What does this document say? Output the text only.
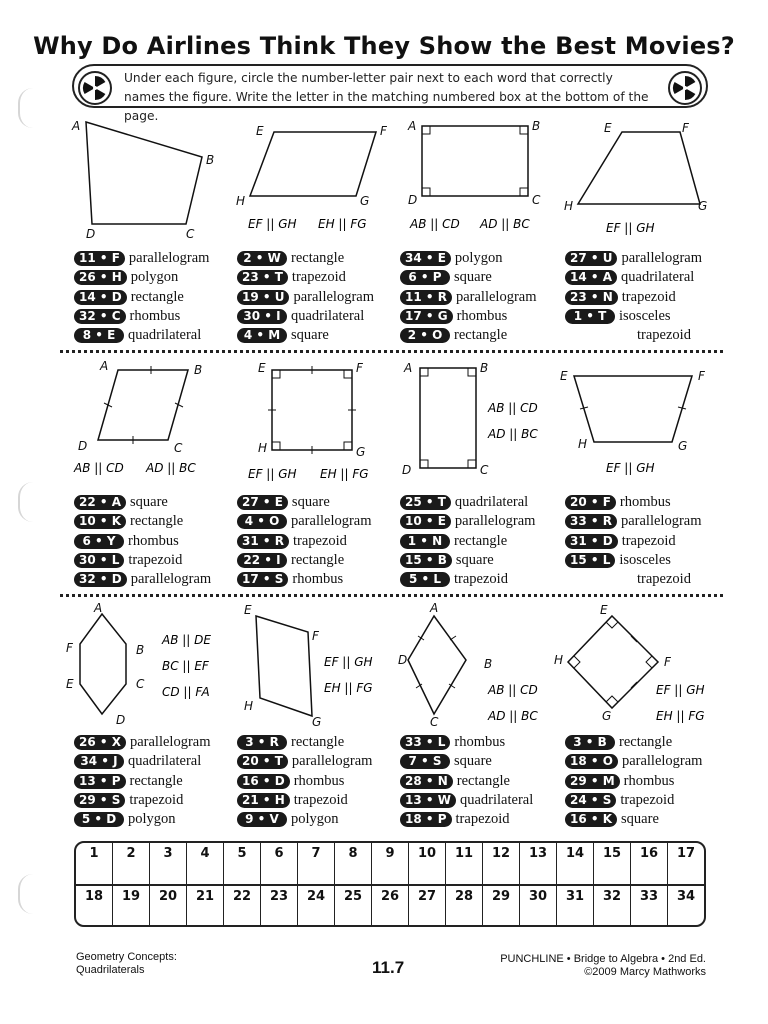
Why Do Airlines Think They Show the Best Movies?
Under each figure, circle the number-letter pair next to each word that correctly names the figure. Write the letter in the matching numbered box at the bottom of the page.
A
B
C
D
E	F
G
H
EF || GH EH || FG
A	B
C
D
AB || CD AD || BC
E	F
G
H
EF || GH
11 • F parallelogram
26 • H polygon
14 • D rectangle
32 • C rhombus
8 • E quadrilateral
2 • W rectangle
23 • T trapezoid
19 • U parallelogram
30 • I quadrilateral
4 • M square
34 • E polygon
6 • P square
11 • R parallelogram
17 • G rhombus
2 • O rectangle
27 • U parallelogram
14 • A quadrilateral
23 • N trapezoid
1 • T isosceles
trapezoid
A	B
C
D
AB || CD AD || BC
E	F
G
H
EF || GH EH || FG
A	B
C
D
AB || CD
AD || BC
E	F
G
H
EF || GH
22 • A square
10 • K rectangle
6 • Y rhombus
30 • L trapezoid
32 • D parallelogram
27 • E square
4 • O parallelogram
31 • R trapezoid
22 • I rectangle
17 • S rhombus
25 • T quadrilateral
10 • E parallelogram
1 • N rectangle
15 • B square
5 • L trapezoid
20 • F rhombus
33 • R parallelogram
31 • D trapezoid
15 • L isosceles
trapezoid
A
B
C
D
E
F
AB || DE
BC || EF
CD || FA
E
F
G
H
EF || GH
EH || FG
A
B
C
D
AB || CD
AD || BC
E
F
G
H
EF || GH
EH || FG
26 • X parallelogram
34 • J quadrilateral
13 • P rectangle
29 • S trapezoid
5 • D polygon
3 • R rectangle
20 • T parallelogram
16 • D rhombus
21 • H trapezoid
9 • V polygon
33 • L rhombus
7 • S square
28 • N rectangle
13 • W quadrilateral
18 • P trapezoid
3 • B rectangle
18 • O parallelogram
29 • M rhombus
24 • S trapezoid
16 • K square
1	2	3	4	5	6	7	8	9	10	11	12	13	14	15	16	17
18	19	20	21	22	23	24	25	26	27	28	29	30	31	32	33	34
Geometry Concepts:
Quadrilaterals	11.7	PUNCHLINE • Bridge to Algebra • 2nd Ed.
©2009 Marcy Mathworks
